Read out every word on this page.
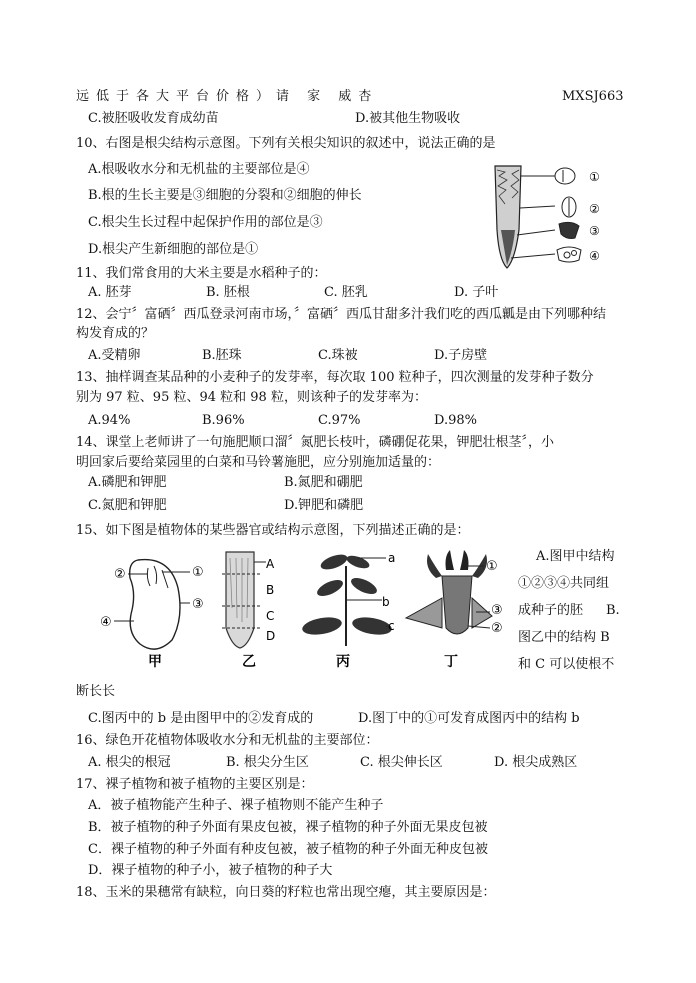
远低于各大平台价格）请 家 威杏	MXSJ663
C.被胚吸收发育成幼苗	D.被其他生物吸收
10、右图是根尖结构示意图。下列有关根尖知识的叙述中，说法正确的是
A.根吸收水分和无机盐的主要部位是④
B.根的生长主要是③细胞的分裂和②细胞的伸长
C.根尖生长过程中起保护作用的部位是③
D.根尖产生新细胞的部位是①
①
②
③
④
11、我们常食用的大米主要是水稻种子的：
A. 胚芽	B. 胚根	C. 胚乳	D. 子叶
12、会宁〞富硒〞西瓜登录河南市场，〞富硒〞西瓜甘甜多汁我们吃的西瓜瓤是由下列哪种结
构发育成的？
A.受精卵	B.胚珠	C.珠被	D.子房壁
13、抽样调查某品种的小麦种子的发芽率，每次取 100 粒种子，四次测量的发芽种子数分
别为 97 粒、95 粒、94 粒和 98 粒，则该种子的发芽率为：
A.94%	B.96%	C.97%	D.98%
14、课堂上老师讲了一句施肥顺口溜〞氮肥长枝叶，磷硼促花果，钾肥壮根茎〞，小
明回家后要给菜园里的白菜和马铃薯施肥，应分别施加适量的：
A.磷肥和钾肥	B.氮肥和硼肥
C.氮肥和钾肥	D.钾肥和磷肥
15、如下图是植物体的某些器官或结构示意图，下列描述正确的是：
A.图甲中结构
①②③④共同组
成种子的胚 B.
图乙中的结构 B
和 C 可以使根不
②	①
③
④
甲
A
B
C
D
乙
a
b
c
丙
①
③
②
丁
断长长
C.图丙中的 b 是由图甲中的②发育成的	D.图丁中的①可发育成图丙中的结构 b
16、绿色开花植物体吸收水分和无机盐的主要部位：
A. 根尖的根冠	B. 根尖分生区	C. 根尖伸长区	D. 根尖成熟区
17、裸子植物和被子植物的主要区别是：
A．被子植物能产生种子、裸子植物则不能产生种子
B．被子植物的种子外面有果皮包被，裸子植物的种子外面无果皮包被
C．裸子植物的种子外面有种皮包被，被子植物的种子外面无种皮包被
D．裸子植物的种子小，被子植物的种子大
18、玉米的果穗常有缺粒，向日葵的籽粒也常出现空瘪，其主要原因是：
